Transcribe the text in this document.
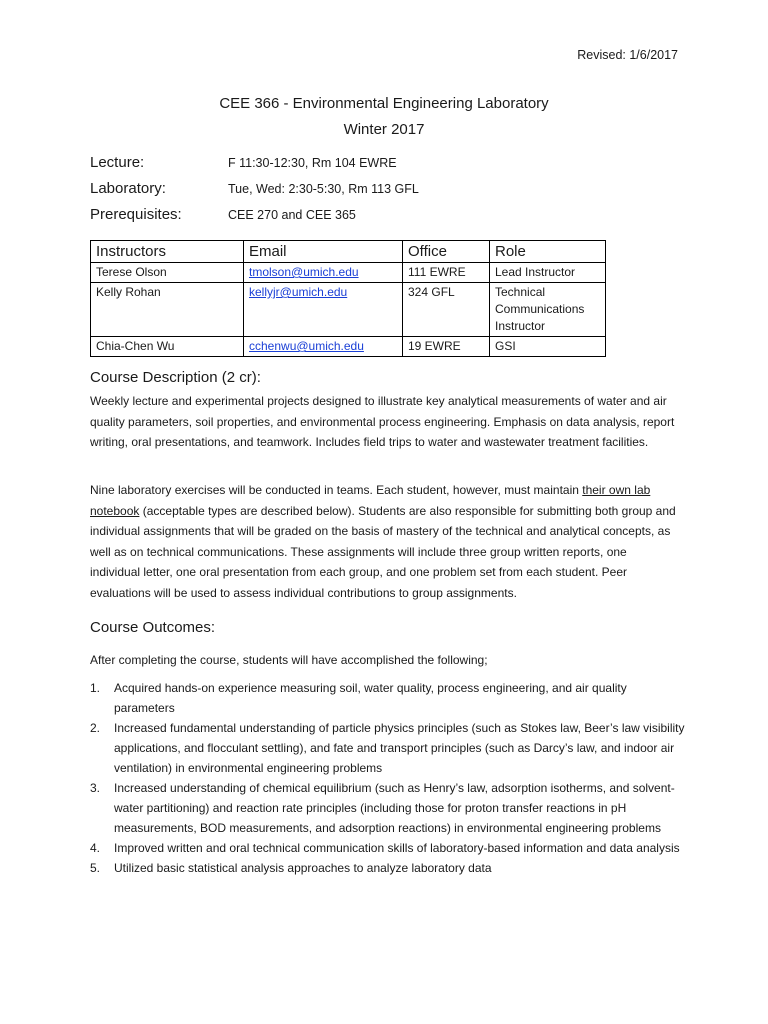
Revised: 1/6/2017
CEE 366 - Environmental Engineering Laboratory
Winter 2017
Lecture:	F 11:30-12:30, Rm 104 EWRE
Laboratory:	Tue, Wed: 2:30-5:30, Rm 113 GFL
Prerequisites:	CEE 270 and CEE 365
Instructors	Email	Office	Role
Terese Olson	tmolson@umich.edu	111 EWRE	Lead Instructor
Kelly Rohan	kellyjr@umich.edu	324 GFL	Technical Communications Instructor
Chia-Chen Wu	cchenwu@umich.edu	19 EWRE	GSI
Course Description (2 cr):
Weekly lecture and experimental projects designed to illustrate key analytical measurements of water and air quality parameters, soil properties, and environmental process engineering. Emphasis on data analysis, report writing, oral presentations, and teamwork. Includes field trips to water and wastewater treatment facilities.
Nine laboratory exercises will be conducted in teams. Each student, however, must maintain their own lab notebook (acceptable types are described below). Students are also responsible for submitting both group and individual assignments that will be graded on the basis of mastery of the technical and analytical concepts, as well as on technical communications. These assignments will include three group written reports, one individual letter, one oral presentation from each group, and one problem set from each student. Peer evaluations will be used to assess individual contributions to group assignments.
Course Outcomes:
After completing the course, students will have accomplished the following;
1.	Acquired hands-on experience measuring soil, water quality, process engineering, and air quality parameters
2.	Increased fundamental understanding of particle physics principles (such as Stokes law, Beer’s law visibility applications, and flocculant settling), and fate and transport principles (such as Darcy’s law, and indoor air ventilation) in environmental engineering problems
3.	Increased understanding of chemical equilibrium (such as Henry’s law, adsorption isotherms, and solvent-water partitioning) and reaction rate principles (including those for proton transfer reactions in pH measurements, BOD measurements, and adsorption reactions) in environmental engineering problems
4.	Improved written and oral technical communication skills of laboratory-based information and data analysis
5.	Utilized basic statistical analysis approaches to analyze laboratory data
